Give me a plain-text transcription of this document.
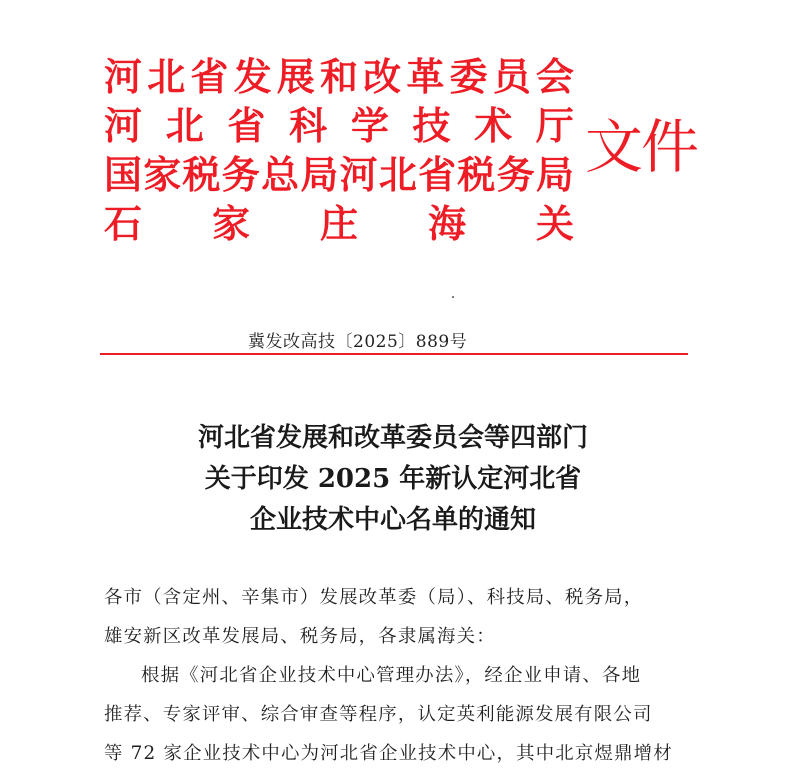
河 北 省 发 展 和 改 革 委 员 会
河 北 省 科 学 技 术 厅
国 家 税 务 总 局 河 北 省 税 务 局
石 家 庄 海 关
文件
冀发改高技〔2025〕889号
河北省发展和改革委员会等四部门
关于印发 2025 年新认定河北省
企业技术中心名单的通知
各市（含定州、辛集市）发展改革委（局）、科技局、税务局，
雄安新区改革发展局、税务局，各隶属海关：
根据《河北省企业技术中心管理办法》，经企业申请、各地
推荐、专家评审、综合审查等程序，认定英利能源发展有限公司
等 72 家企业技术中心为河北省企业技术中心，其中北京煜鼎增材
